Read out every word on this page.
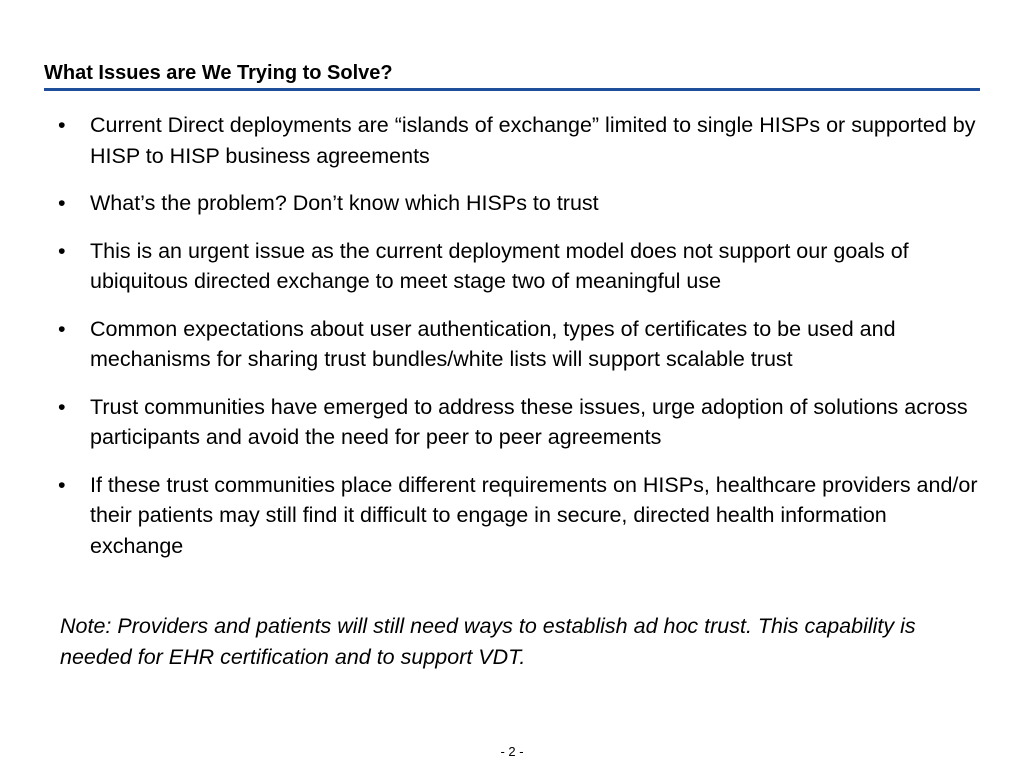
What Issues are We Trying to Solve?
•	Current Direct deployments are “islands of exchange” limited to single HISPs or supported by HISP to HISP business agreements
•	What’s the problem? Don’t know which HISPs to trust
•	This is an urgent issue as the current deployment model does not support our goals of ubiquitous directed exchange to meet stage two of meaningful use
•	Common expectations about user authentication, types of certificates to be used and mechanisms for sharing trust bundles/white lists will support scalable trust
•	Trust communities have emerged to address these issues, urge adoption of solutions across participants and avoid the need for peer to peer agreements
•	If these trust communities place different requirements on HISPs, healthcare providers and/or their patients may still find it difficult to engage in secure, directed health information exchange

Note: Providers and patients will still need ways to establish ad hoc trust. This capability is needed for EHR certification and to support VDT.

- 2 -
